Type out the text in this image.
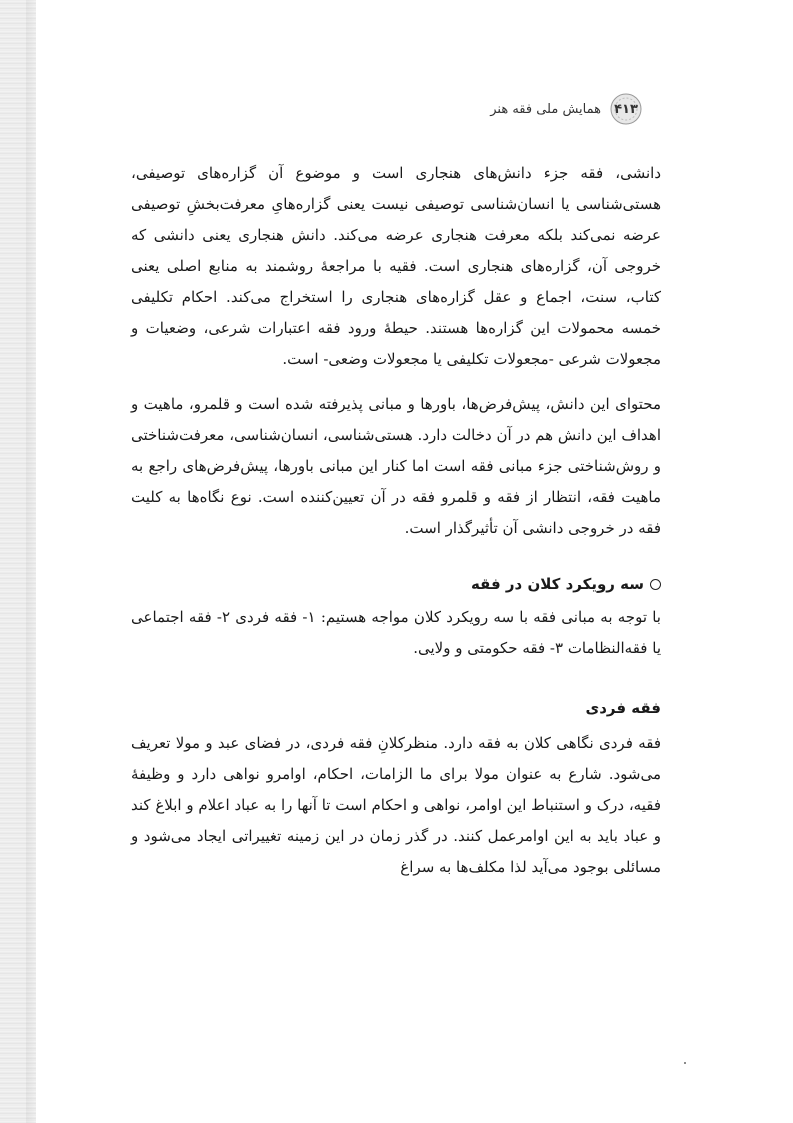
۴۱۳
همایش ملی فقه هنر

دانشی، فقه جزء دانش‌های هنجاری است و موضوع آن گزاره‌های توصیفی، هستی‌شناسی یا انسان‌شناسی توصیفی نیست یعنی گزاره‌هایِ معرفت‌بخشِ توصیفی عرضه نمی‌کند بلکه معرفت هنجاری عرضه می‌کند. دانش هنجاری یعنی دانشی که خروجی آن، گزاره‌های هنجاری است. فقیه با مراجعهٔ روشمند به منابع اصلی یعنی کتاب، سنت، اجماع و عقل گزاره‌های هنجاری را استخراج می‌کند. احکام تکلیفی خمسه محمولات این گزاره‌ها هستند. حیطهٔ ورود فقه اعتبارات شرعی، وضعیات و مجعولات شرعی -مجعولات تکلیفی یا مجعولات وضعی- است.

محتوای این دانش، پیش‌فرض‌ها، باورها و مبانی پذیرفته شده است و قلمرو، ماهیت و اهداف این دانش هم در آن دخالت دارد. هستی‌شناسی، انسان‌شناسی، معرفت‌شناختی و روش‌شناختی جزء مبانی فقه است اما کنار این مبانی باورها، پیش‌فرض‌های راجع به ماهیت فقه، انتظار از فقه و قلمرو فقه در آن تعیین‌کننده است. نوع نگاه‌ها به کلیت فقه در خروجی دانشی آن تأثیرگذار است.

سه رویکرد کلان در فقه

با توجه به مبانی فقه با سه رویکرد کلان مواجه هستیم: ۱- فقه فردی ۲- فقه اجتماعی یا فقه‌النظامات ۳- فقه حکومتی و ولایی.

فقه فردی

فقه فردی نگاهی کلان به فقه دارد. منظرکلانِ فقه فردی، در فضای عبد و مولا تعریف می‌شود. شارع به عنوان مولا برای ما الزامات، احکام، اوامرو نواهی دارد و وظیفهٔ فقیه، درک و استنباط این اوامر، نواهی و احکام است تا آنها را به عباد اعلام و ابلاغ کند و عباد باید به این اوامرعمل کنند. در گذر زمان در این زمینه تغییراتی ایجاد می‌شود و مسائلی بوجود می‌آید لذا مکلف‌ها به سراغ
